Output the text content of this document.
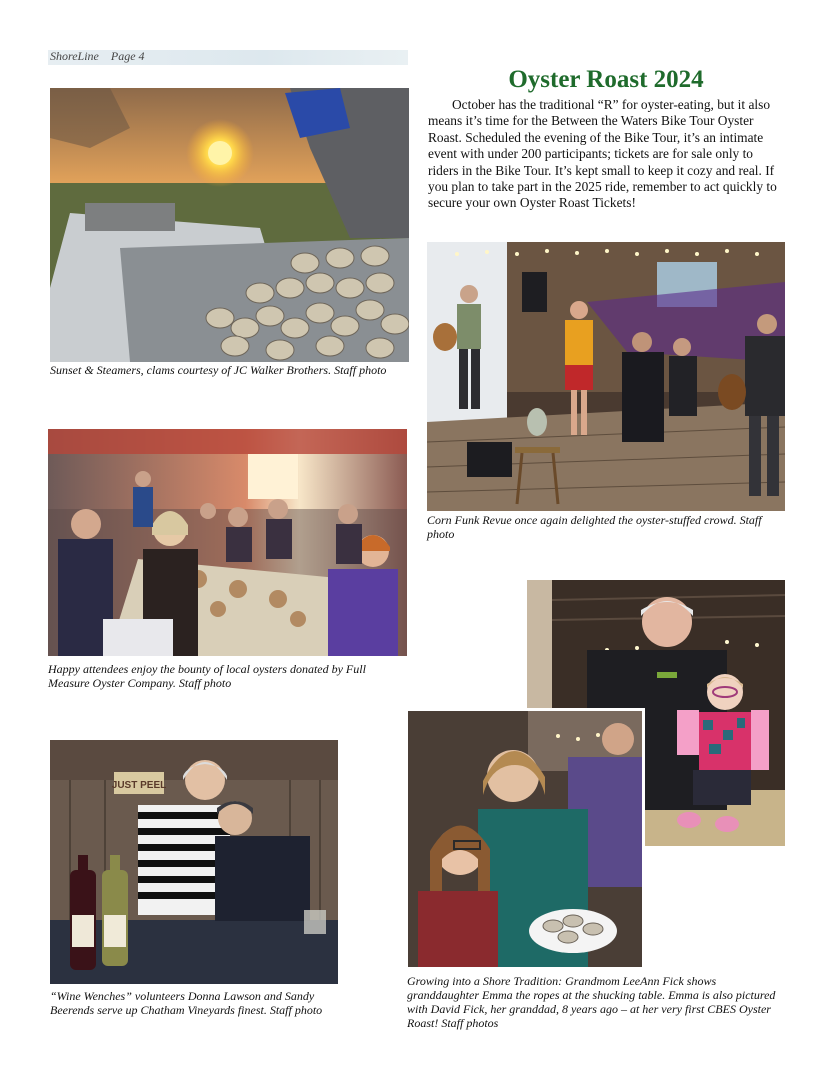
ShoreLine    Page 4
Oyster Roast 2024
October has the traditional “R” for oyster-eating, but it also means it’s time for the Between the Waters Bike Tour Oyster Roast. Scheduled the evening of the Bike Tour, it’s an intimate event with under 200 participants; tickets are for sale only to riders in the Bike Tour. It’s kept small to keep it cozy and real. If you plan to take part in the 2025 ride, remember to act quickly to secure your own Oyster Roast Tickets!
Sunset & Steamers, clams courtesy of JC Walker Brothers. Staff photo
Corn Funk Revue once again delighted the oyster-stuffed crowd. Staff photo
Happy attendees enjoy the bounty of local oysters donated by Full Measure Oyster Company. Staff photo
JUST PEEL
“Wine Wenches” volunteers Donna Lawson and Sandy Beerends serve up Chatham Vineyards finest. Staff photo
Growing into a Shore Tradition: Grandmom LeeAnn Fick shows granddaughter Emma the ropes at the shucking table. Emma is also pictured with David Fick, her granddad, 8 years ago – at her very first CBES Oyster Roast! Staff photos
